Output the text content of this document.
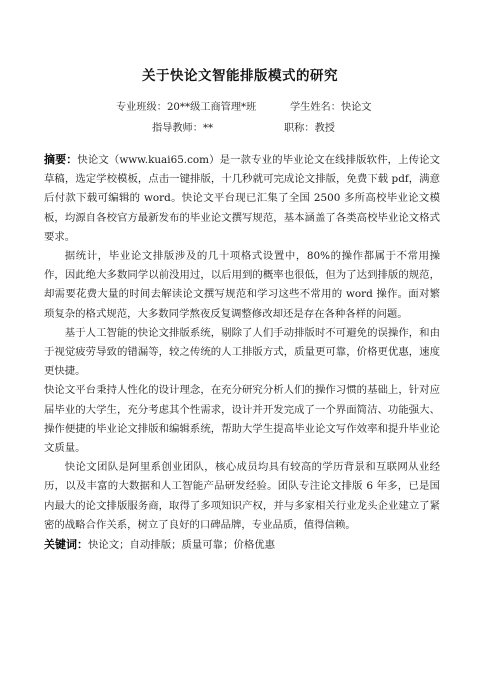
关于快论文智能排版模式的研究
专业班级：20**级工商管理*班	学生姓名：快论文
指导教师：**	职称：教授

摘要：快论文（www.kuai65.com）是一款专业的毕业论文在线排版软件，上传论文草稿，选定学校模板，点击一键排版，十几秒就可完成论文排版，免费下载 pdf，满意后付款下载可编辑的 word。快论文平台现已汇集了全国 2500 多所高校毕业论文模板，均源自各校官方最新发布的毕业论文撰写规范，基本涵盖了各类高校毕业论文格式要求。

据统计，毕业论文排版涉及的几十项格式设置中，80%的操作都属于不常用操作，因此绝大多数同学以前没用过，以后用到的概率也很低，但为了达到排版的规范，却需要花费大量的时间去解读论文撰写规范和学习这些不常用的 word 操作。面对繁琐复杂的格式规范，大多数同学熬夜反复调整修改却还是存在各种各样的问题。

基于人工智能的快论文排版系统，剔除了人们手动排版时不可避免的误操作，和由于视觉疲劳导致的错漏等，较之传统的人工排版方式，质量更可靠，价格更优惠，速度更快捷。

快论文平台秉持人性化的设计理念，在充分研究分析人们的操作习惯的基础上，针对应届毕业的大学生，充分考虑其个性需求，设计并开发完成了一个界面简洁、功能强大、操作便捷的毕业论文排版和编辑系统，帮助大学生提高毕业论文写作效率和提升毕业论文质量。

快论文团队是阿里系创业团队，核心成员均具有较高的学历背景和互联网从业经历，以及丰富的大数据和人工智能产品研发经验。团队专注论文排版 6 年多，已是国内最大的论文排版服务商，取得了多项知识产权，并与多家相关行业龙头企业建立了紧密的战略合作关系，树立了良好的口碑品牌，专业品质，值得信赖。

关键词：快论文；自动排版；质量可靠；价格优惠
